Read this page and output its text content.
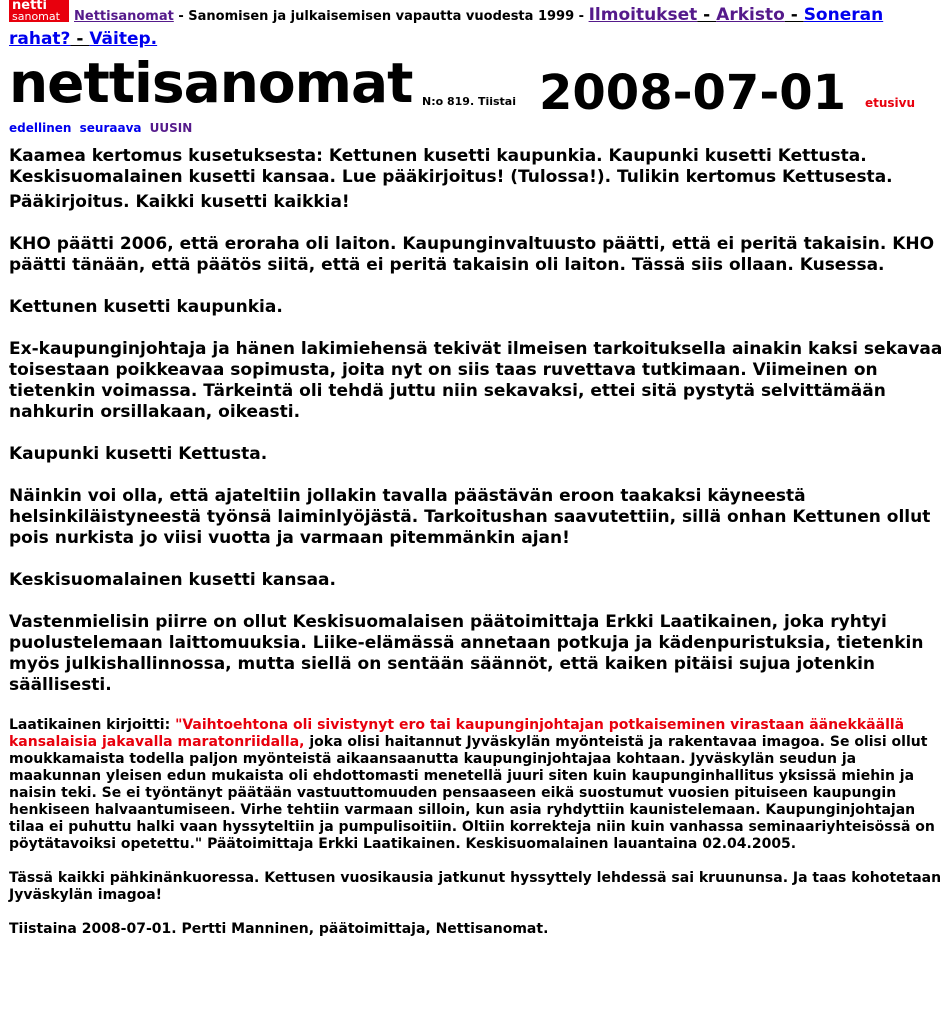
netti
sanomat	Nettisanomat - Sanomisen ja julkaisemisen vapautta vuodesta 1999 - Ilmoitukset - Arkisto - Soneran rahat? - Väitep.
nettisanomat N:o 819. Tiistai 2008-07-01 etusivu
edellinen seuraava UUSIN

Kaamea kertomus kusetuksesta: Kettunen kusetti kaupunkia. Kaupunki kusetti Kettusta. Keskisuomalainen kusetti kansaa. Lue pääkirjoitus! (Tulossa!). Tulikin kertomus Kettusesta.

Pääkirjoitus. Kaikki kusetti kaikkia!

KHO päätti 2006, että eroraha oli laiton. Kaupunginvaltuusto päätti, että ei peritä takaisin. KHO päätti tänään, että päätös siitä, että ei peritä takaisin oli laiton. Tässä siis ollaan. Kusessa.

Kettunen kusetti kaupunkia.

Ex-kaupunginjohtaja ja hänen lakimiehensä tekivät ilmeisen tarkoituksella ainakin kaksi sekavaa toisestaan poikkeavaa sopimusta, joita nyt on siis taas ruvettava tutkimaan. Viimeinen on tietenkin voimassa. Tärkeintä oli tehdä juttu niin sekavaksi, ettei sitä pystytä selvittämään nahkurin orsillakaan, oikeasti.

Kaupunki kusetti Kettusta.

Näinkin voi olla, että ajateltiin jollakin tavalla päästävän eroon taakaksi käyneestä helsinkiläistyneestä työnsä laiminlyöjästä. Tarkoitushan saavutettiin, sillä onhan Kettunen ollut pois nurkista jo viisi vuotta ja varmaan pitemmänkin ajan!

Keskisuomalainen kusetti kansaa.

Vastenmielisin piirre on ollut Keskisuomalaisen päätoimittaja Erkki Laatikainen, joka ryhtyi puolustelemaan laittomuuksia. Liike-elämässä annetaan potkuja ja kädenpuristuksia, tietenkin myös julkishallinnossa, mutta siellä on sentään säännöt, että kaiken pitäisi sujua jotenkin säällisesti.

Laatikainen kirjoitti: "Vaihtoehtona oli sivistynyt ero tai kaupunginjohtajan potkaiseminen virastaan äänekkäällä kansalaisia jakavalla maratonriidalla, joka olisi haitannut Jyväskylän myönteistä ja rakentavaa imagoa. Se olisi ollut moukkamaista todella paljon myönteistä aikaansaanutta kaupunginjohtajaa kohtaan. Jyväskylän seudun ja maakunnan yleisen edun mukaista oli ehdottomasti menetellä juuri siten kuin kaupunginhallitus yksissä miehin ja naisin teki. Se ei työntänyt päätään vastuuttomuuden pensaaseen eikä suostumut vuosien pituiseen kaupungin henkiseen halvaantumiseen. Virhe tehtiin varmaan silloin, kun asia ryhdyttiin kaunistelemaan. Kaupunginjohtajan tilaa ei puhuttu halki vaan hyssyteltiin ja pumpulisoitiin. Oltiin korrekteja niin kuin vanhassa seminaariyhteisössä on pöytätavoiksi opetettu." Päätoimittaja Erkki Laatikainen. Keskisuomalainen lauantaina 02.04.2005.

Tässä kaikki pähkinänkuoressa. Kettusen vuosikausia jatkunut hyssyttely lehdessä sai kruununsa. Ja taas kohotetaan Jyväskylän imagoa!

Tiistaina 2008-07-01. Pertti Manninen, päätoimittaja, Nettisanomat.
